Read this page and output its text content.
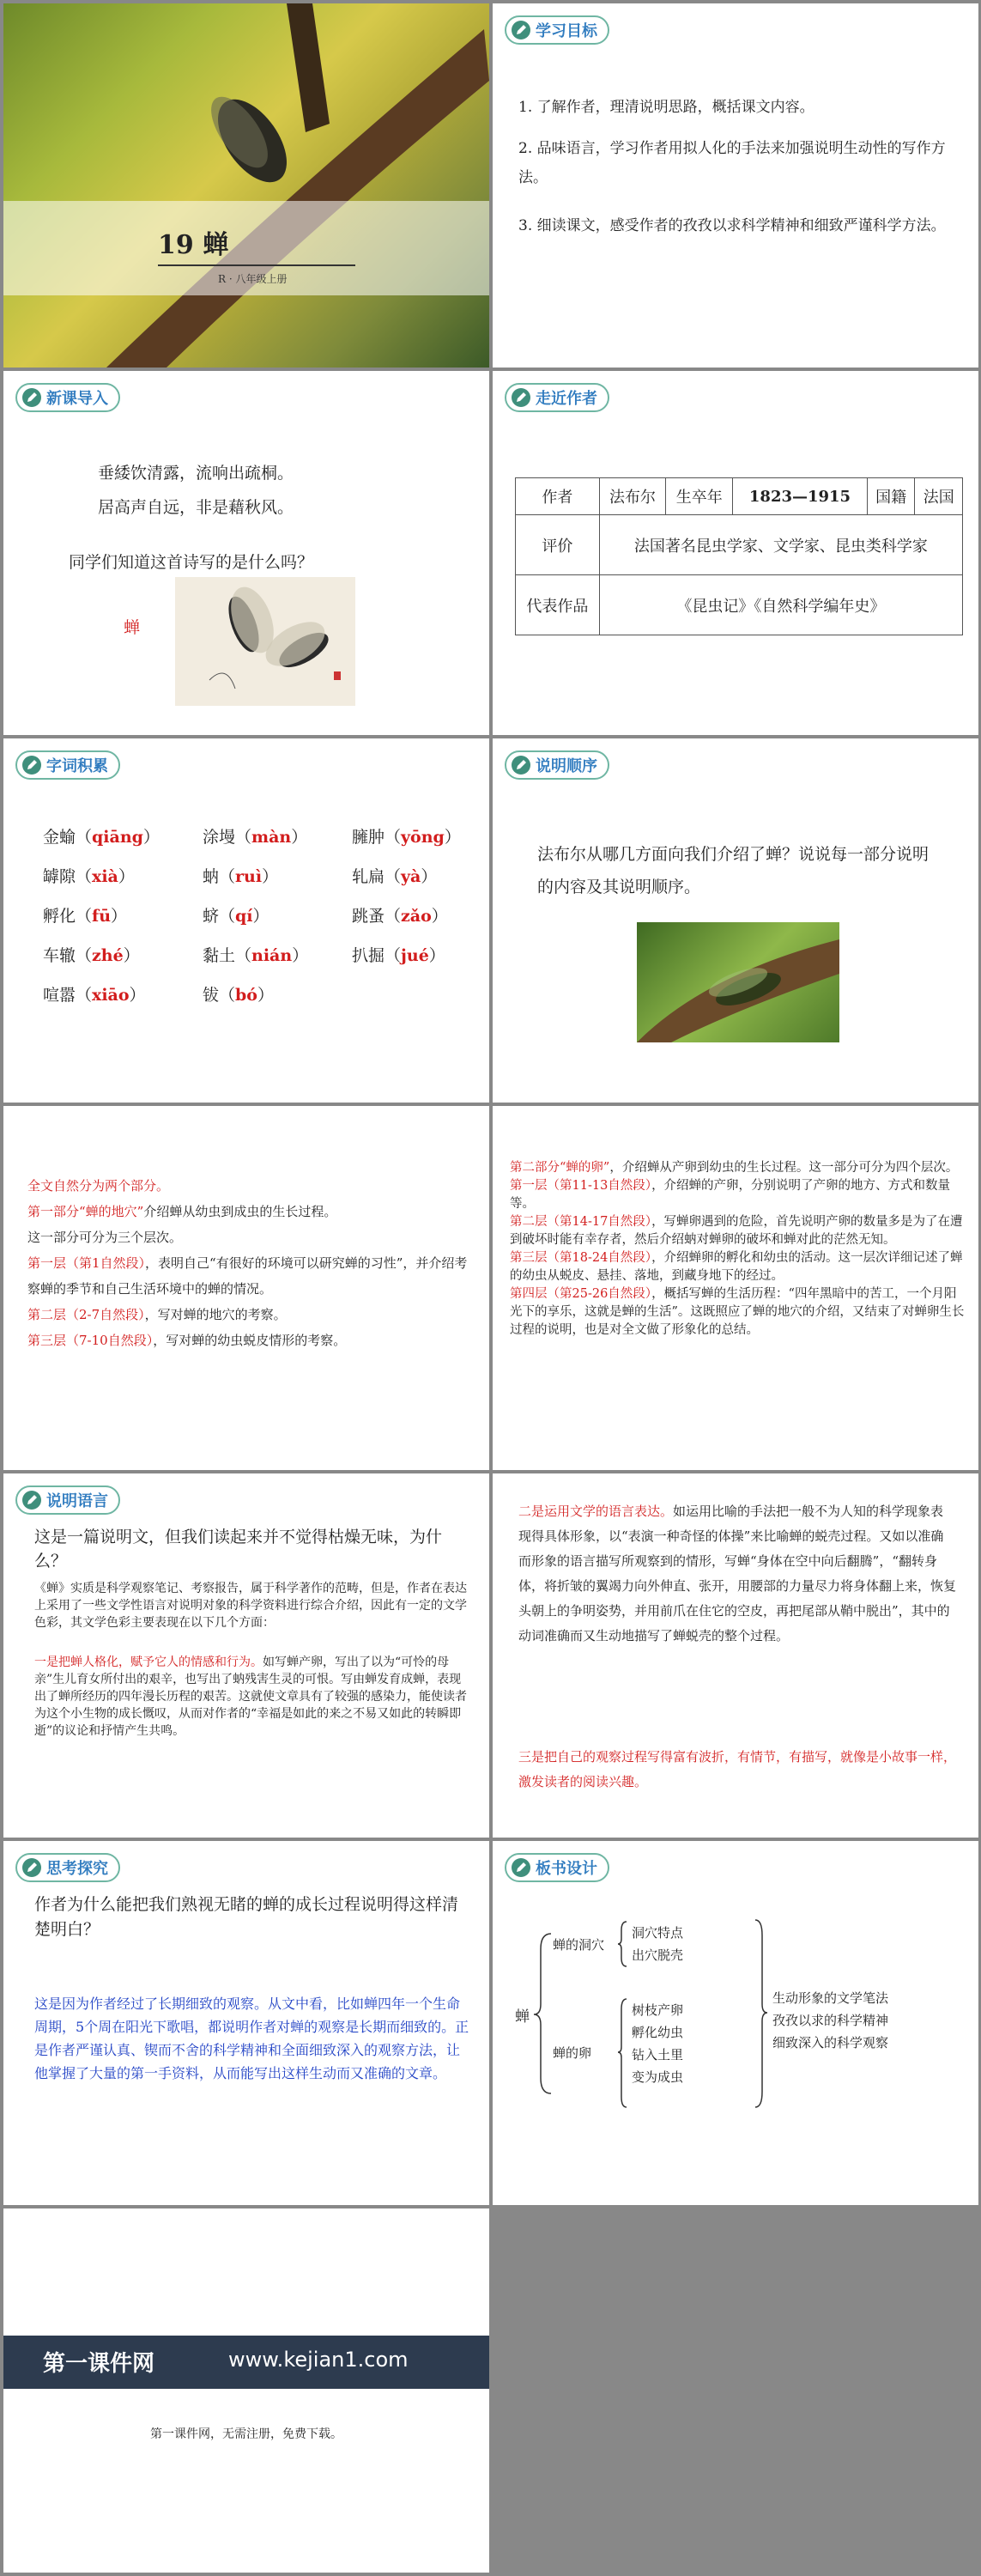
19 蝉
R · 八年级上册
学习目标
1. 了解作者，理清说明思路，概括课文内容。
2. 品味语言，学习作者用拟人化的手法来加强说明生动性的写作方法。
3. 细读课文，感受作者的孜孜以求科学精神和细致严谨科学方法。
新课导入
垂緌饮清露，流响出疏桐。
居高声自远，非是藉秋风。
同学们知道这首诗写的是什么吗？
蝉
走近作者
作者	法布尔	生卒年	1823—1915	国籍	法国
评价	法国著名昆虫学家、文学家、昆虫类科学家				
代表作品	《昆虫记》《自然科学编年史》				
字词积累
金蝓（qiāng）	涂墁（màn）	臃肿（yōng）
罅隙（xià）	蚋（ruì）	轧扁（yà）
孵化（fū）	蛴（qí）	跳蚤（zǎo）
车辙（zhé）	黏土（nián）	扒掘（jué）
喧嚣（xiāo）	钹（bó）
说明顺序
法布尔从哪几方面向我们介绍了蝉？说说每一部分说明的内容及其说明顺序。
全文自然分为两个部分。
第一部分“蝉的地穴”介绍蝉从幼虫到成虫的生长过程。
这一部分可分为三个层次。
第一层（第1自然段），表明自己“有很好的环境可以研究蝉的习性”，并介绍考察蝉的季节和自己生活环境中的蝉的情况。
第二层（2-7自然段），写对蝉的地穴的考察。
第三层（7-10自然段），写对蝉的幼虫蜕皮情形的考察。
第二部分“蝉的卵”，介绍蝉从产卵到幼虫的生长过程。这一部分可分为四个层次。
第一层（第11-13自然段），介绍蝉的产卵，分别说明了产卵的地方、方式和数量等。
第二层（第14-17自然段），写蝉卵遇到的危险，首先说明产卵的数量多是为了在遭到破坏时能有幸存者，然后介绍蚋对蝉卵的破坏和蝉对此的茫然无知。
第三层（第18-24自然段），介绍蝉卵的孵化和幼虫的活动。这一层次详细记述了蝉的幼虫从蜕皮、悬挂、落地，到藏身地下的经过。
第四层（第25-26自然段），概括写蝉的生活历程：“四年黑暗中的苦工，一个月阳光下的享乐，这就是蝉的生活”。这既照应了蝉的地穴的介绍，又结束了对蝉卵生长过程的说明，也是对全文做了形象化的总结。
说明语言
这是一篇说明文，但我们读起来并不觉得枯燥无味，为什么？
《蝉》实质是科学观察笔记、考察报告，属于科学著作的范畴，但是，作者在表达上采用了一些文学性语言对说明对象的科学资料进行综合介绍，因此有一定的文学色彩，其文学色彩主要表现在以下几个方面：
一是把蝉人格化，赋予它人的情感和行为。如写蝉产卵，写出了以为“可怜的母亲”生儿育女所付出的艰辛，也写出了蚋残害生灵的可恨。写由蝉发育成蝉，表现出了蝉所经历的四年漫长历程的艰苦。这就使文章具有了较强的感染力，能使读者为这个小生物的成长慨叹，从而对作者的“幸福是如此的来之不易又如此的转瞬即逝”的议论和抒情产生共鸣。
二是运用文学的语言表达。如运用比喻的手法把一般不为人知的科学现象表现得具体形象，以“表演一种奇怪的体操”来比喻蝉的蜕壳过程。又如以准确而形象的语言描写所观察到的情形，写蝉“身体在空中向后翻腾”，“翻转身体，将折皱的翼竭力向外伸直、张开，用腰部的力量尽力将身体翻上来，恢复头朝上的争明姿势，并用前爪在住它的空皮，再把尾部从鞘中脱出”，其中的动词准确而又生动地描写了蝉蜕壳的整个过程。
三是把自己的观察过程写得富有波折，有情节，有描写，就像是小故事一样，激发读者的阅读兴趣。
思考探究
作者为什么能把我们熟视无睹的蝉的成长过程说明得这样清楚明白？
这是因为作者经过了长期细致的观察。从文中看，比如蝉四年一个生命周期，5个周在阳光下歌唱，都说明作者对蝉的观察是长期而细致的。正是作者严谨认真、锲而不舍的科学精神和全面细致深入的观察方法，让他掌握了大量的第一手资料，从而能写出这样生动而又准确的文章。
板书设计
蝉
蝉的洞穴
洞穴特点
出穴脱壳
蝉的卵
树枝产卵
孵化幼虫
钻入土里
变为成虫
生动形象的文学笔法
孜孜以求的科学精神
细致深入的科学观察
第一课件网	www.kejian1.com
第一课件网，无需注册，免费下载。
